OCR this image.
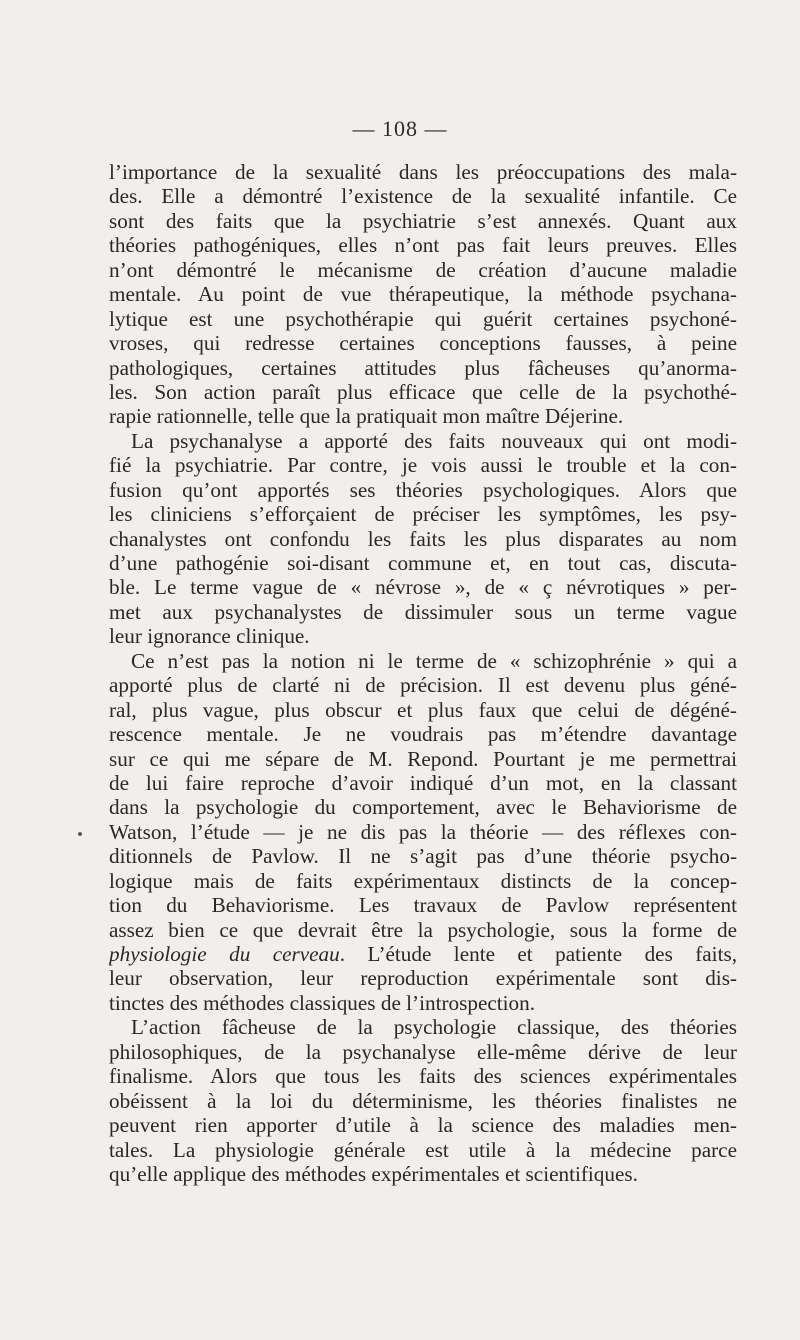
— 108 —
l’importance de la sexualité dans les préoccupations des mala-
des. Elle a démontré l’existence de la sexualité infantile. Ce
sont des faits que la psychiatrie s’est annexés. Quant aux
théories pathogéniques, elles n’ont pas fait leurs preuves. Elles
n’ont démontré le mécanisme de création d’aucune maladie
mentale. Au point de vue thérapeutique, la méthode psychana-
lytique est une psychothérapie qui guérit certaines psychoné-
vroses, qui redresse certaines conceptions fausses, à peine
pathologiques, certaines attitudes plus fâcheuses qu’anorma-
les. Son action paraît plus efficace que celle de la psychothé-
rapie rationnelle, telle que la pratiquait mon maître Déjerine.
La psychanalyse a apporté des faits nouveaux qui ont modi-
fié la psychiatrie. Par contre, je vois aussi le trouble et la con-
fusion qu’ont apportés ses théories psychologiques. Alors que
les cliniciens s’efforçaient de préciser les symptômes, les psy-
chanalystes ont confondu les faits les plus disparates au nom
d’une pathogénie soi-disant commune et, en tout cas, discuta-
ble. Le terme vague de « névrose », de « ç névrotiques » per-
met aux psychanalystes de dissimuler sous un terme vague
leur ignorance clinique.
Ce n’est pas la notion ni le terme de « schizophrénie » qui a
apporté plus de clarté ni de précision. Il est devenu plus géné-
ral, plus vague, plus obscur et plus faux que celui de dégéné-
rescence mentale. Je ne voudrais pas m’étendre davantage
sur ce qui me sépare de M. Repond. Pourtant je me permettrai
de lui faire reproche d’avoir indiqué d’un mot, en la classant
dans la psychologie du comportement, avec le Behaviorisme de
Watson, l’étude — je ne dis pas la théorie — des réflexes con-
ditionnels de Pavlow. Il ne s’agit pas d’une théorie psycho-
logique mais de faits expérimentaux distincts de la concep-
tion du Behaviorisme. Les travaux de Pavlow représentent
assez bien ce que devrait être la psychologie, sous la forme de
physiologie du cerveau. L’étude lente et patiente des faits,
leur observation, leur reproduction expérimentale sont dis-
tinctes des méthodes classiques de l’introspection.
L’action fâcheuse de la psychologie classique, des théories
philosophiques, de la psychanalyse elle-même dérive de leur
finalisme. Alors que tous les faits des sciences expérimentales
obéissent à la loi du déterminisme, les théories finalistes ne
peuvent rien apporter d’utile à la science des maladies men-
tales. La physiologie générale est utile à la médecine parce
qu’elle applique des méthodes expérimentales et scientifiques.
